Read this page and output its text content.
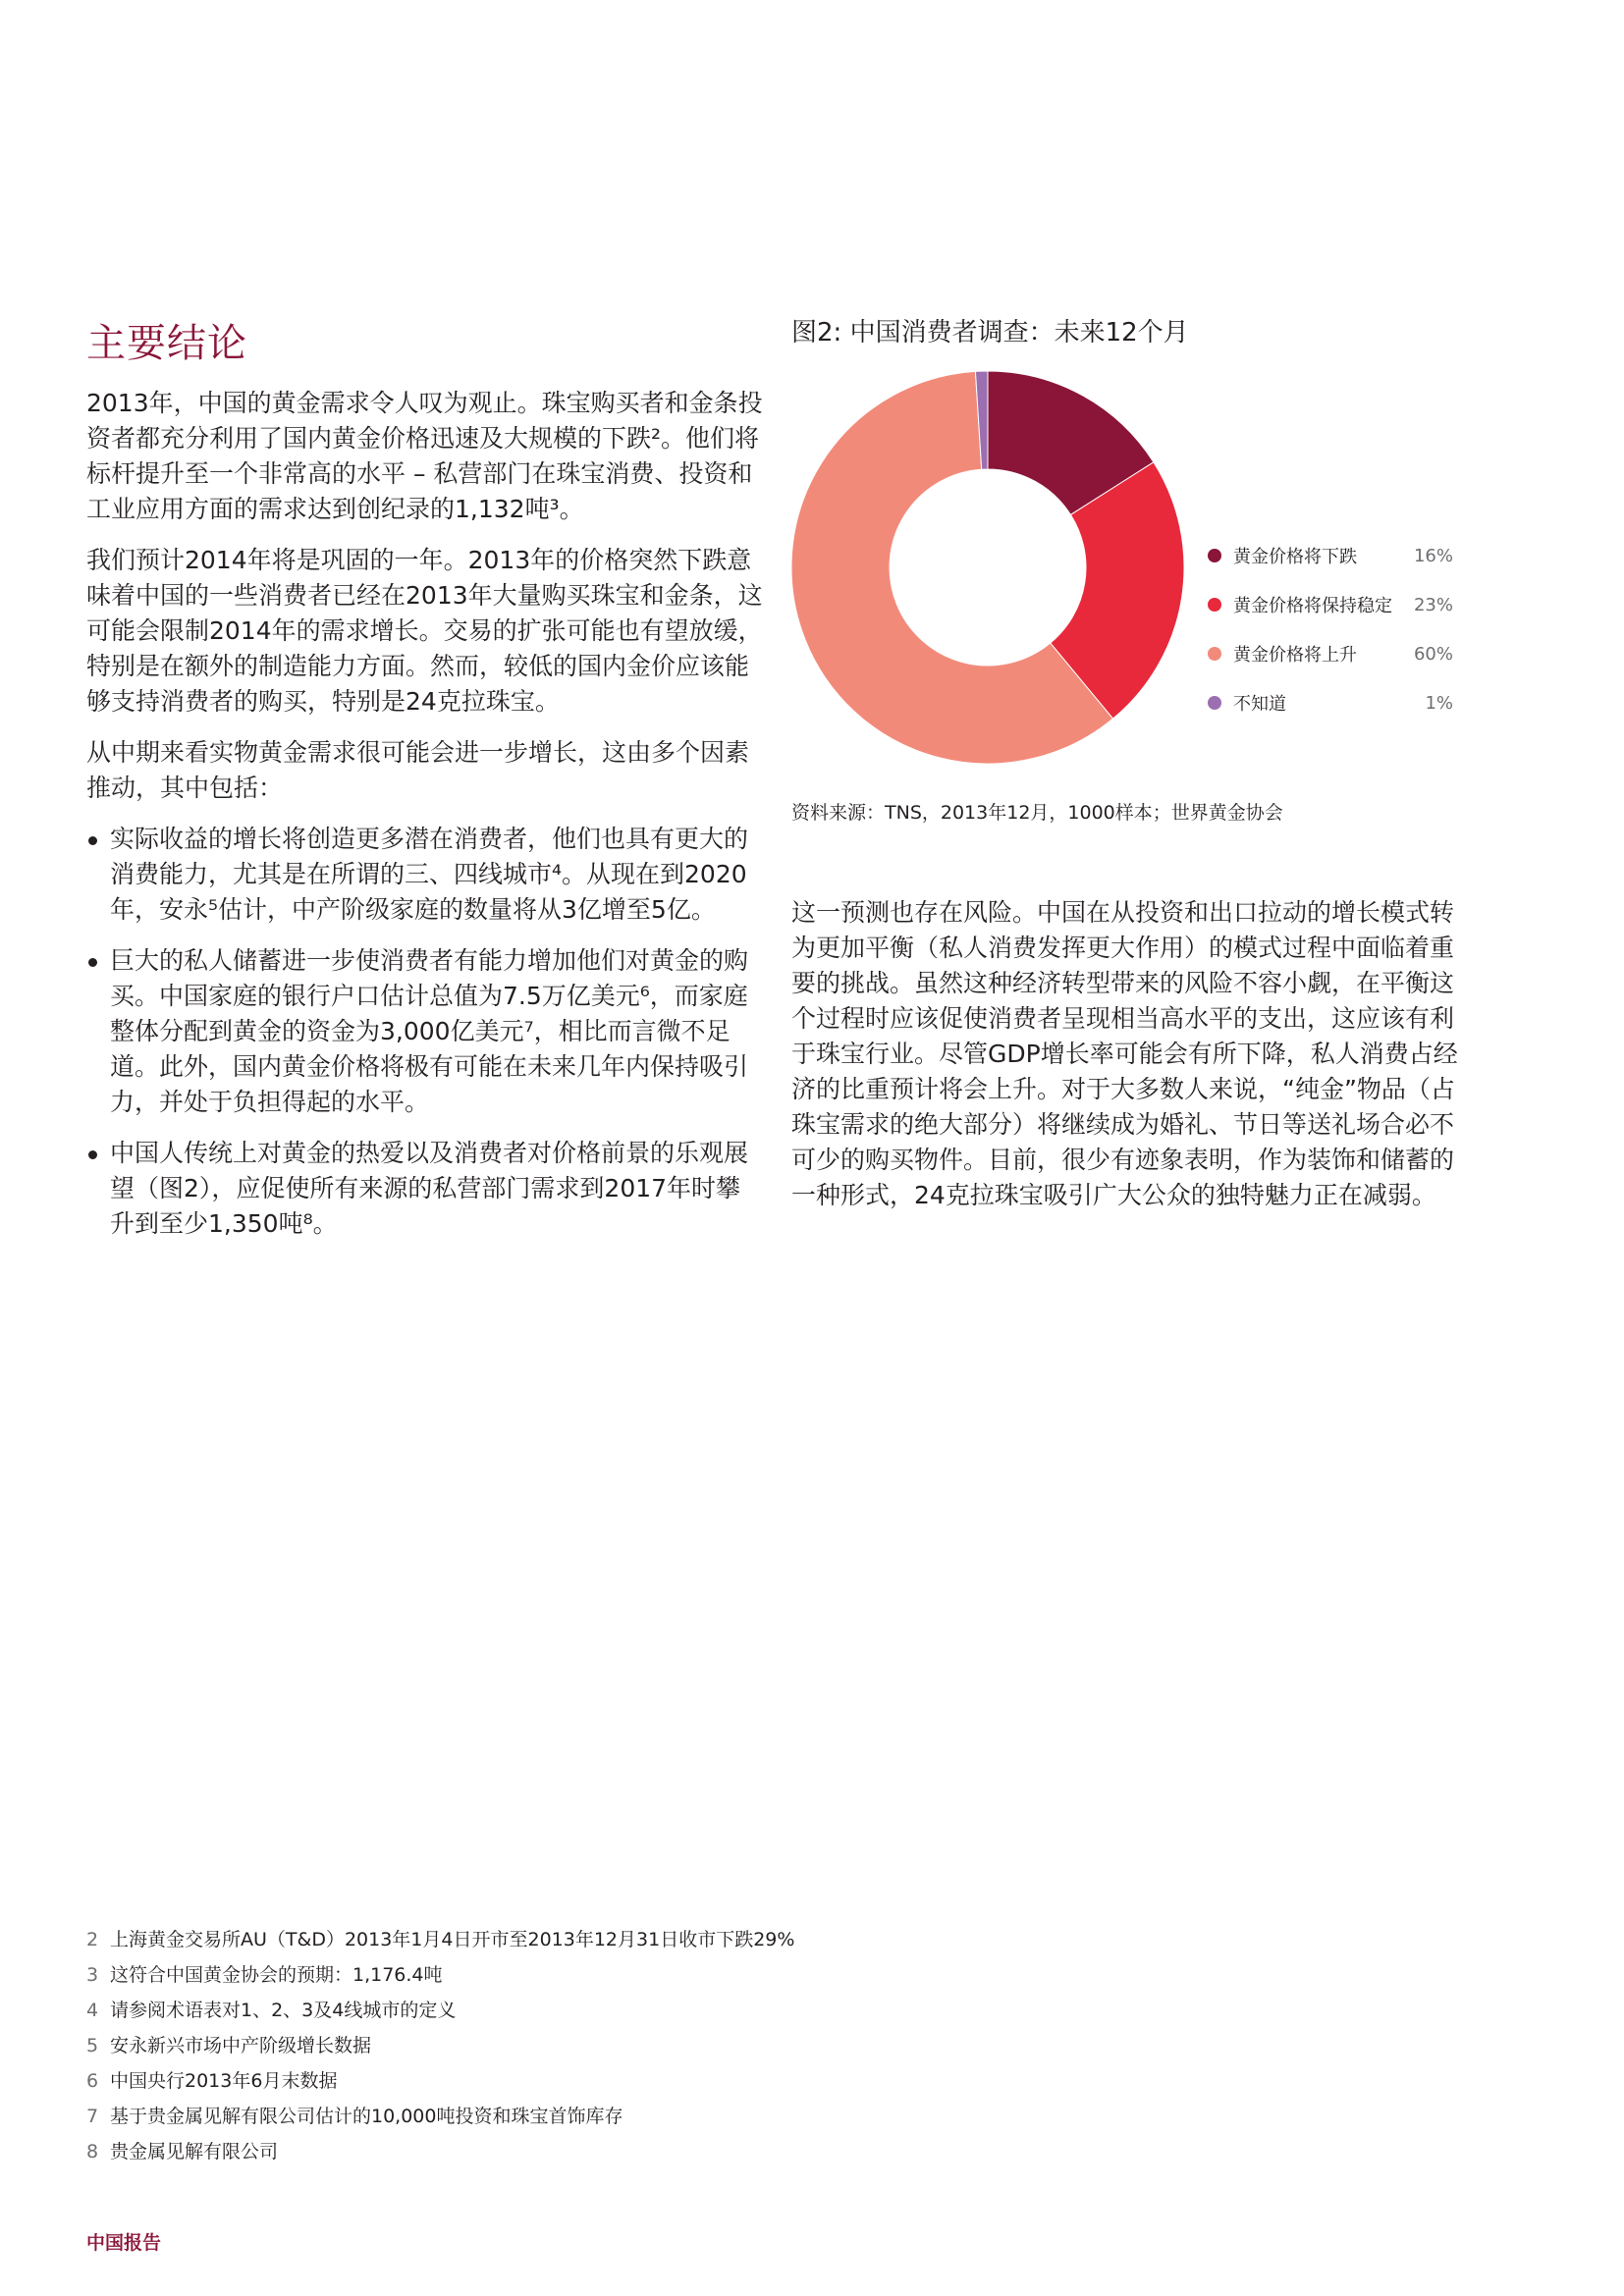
主要结论

2013年，中国的黄金需求令人叹为观止。珠宝购买者和金条投资者都充分利用了国内黄金价格迅速及大规模的下跌²。他们将标杆提升至一个非常高的水平 – 私营部门在珠宝消费、投资和工业应用方面的需求达到创纪录的1,132吨³。

我们预计2014年将是巩固的一年。2013年的价格突然下跌意味着中国的一些消费者已经在2013年大量购买珠宝和金条，这可能会限制2014年的需求增长。交易的扩张可能也有望放缓，特别是在额外的制造能力方面。然而，较低的国内金价应该能够支持消费者的购买，特别是24克拉珠宝。

从中期来看实物黄金需求很可能会进一步增长，这由多个因素推动，其中包括：

实际收益的增长将创造更多潜在消费者，他们也具有更大的消费能力，尤其是在所谓的三、四线城市⁴。从现在到2020年，安永⁵估计，中产阶级家庭的数量将从3亿增至5亿。
巨大的私人储蓄进一步使消费者有能力增加他们对黄金的购买。中国家庭的银行户口估计总值为7.5万亿美元⁶，而家庭整体分配到黄金的资金为3,000亿美元⁷，相比而言微不足道。此外，国内黄金价格将极有可能在未来几年内保持吸引力，并处于负担得起的水平。
中国人传统上对黄金的热爱以及消费者对价格前景的乐观展望（图2），应促使所有来源的私营部门需求到2017年时攀升到至少1,350吨⁸。
图2: 中国消费者调查：未来12个月
黄金价格将下跌	16%
黄金价格将保持稳定	23%
黄金价格将上升	60%
不知道	1%
资料来源：TNS，2013年12月，1000样本；世界黄金协会

这一预测也存在风险。中国在从投资和出口拉动的增长模式转为更加平衡（私人消费发挥更大作用）的模式过程中面临着重要的挑战。虽然这种经济转型带来的风险不容小觑，在平衡这个过程时应该促使消费者呈现相当高水平的支出，这应该有利于珠宝行业。尽管GDP增长率可能会有所下降，私人消费占经济的比重预计将会上升。对于大多数人来说，“纯金”物品（占珠宝需求的绝大部分）将继续成为婚礼、节日等送礼场合必不可少的购买物件。目前，很少有迹象表明，作为装饰和储蓄的一种形式，24克拉珠宝吸引广大公众的独特魅力正在减弱。

2 上海黄金交易所AU（T&D）2013年1月4日开市至2013年12月31日收市下跌29%
3 这符合中国黄金协会的预期：1,176.4吨
4 请参阅术语表对1、2、3及4线城市的定义
5 安永新兴市场中产阶级增长数据
6 中国央行2013年6月末数据
7 基于贵金属见解有限公司估计的10,000吨投资和珠宝首饰库存
8 贵金属见解有限公司
中国报告
